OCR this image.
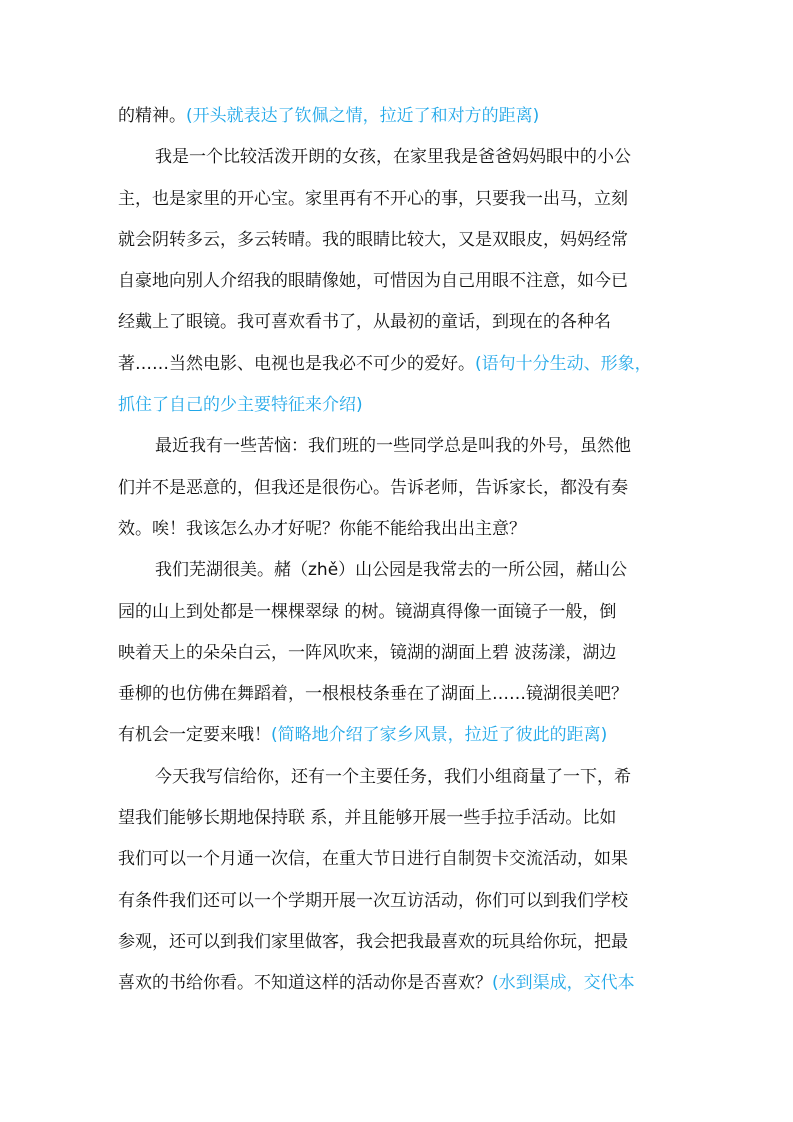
的精神。(开头就表达了钦佩之情，拉近了和对方的距离)
我是一个比较活泼开朗的女孩，在家里我是爸爸妈妈眼中的小公
主，也是家里的开心宝。家里再有不开心的事，只要我一出马，立刻
就会阴转多云，多云转晴。我的眼睛比较大，又是双眼皮，妈妈经常
自豪地向别人介绍我的眼睛像她，可惜因为自己用眼不注意，如今已
经戴上了眼镜。我可喜欢看书了，从最初的童话，到现在的各种名
著……当然电影、电视也是我必不可少的爱好。(语句十分生动、形象，
抓住了自己的少主要特征来介绍)
最近我有一些苦恼：我们班的一些同学总是叫我的外号，虽然他
们并不是恶意的，但我还是很伤心。告诉老师，告诉家长，都没有奏
效。唉！我该怎么办才好呢？你能不能给我出出主意？
我们芜湖很美。赭（zhě）山公园是我常去的一所公园，赭山公
园的山上到处都是一棵棵翠绿 的树。镜湖真得像一面镜子一般，倒
映着天上的朵朵白云，一阵风吹来，镜湖的湖面上碧 波荡漾，湖边
垂柳的也仿佛在舞蹈着，一根根枝条垂在了湖面上……镜湖很美吧？
有机会一定要来哦！(简略地介绍了家乡风景，拉近了彼此的距离)
今天我写信给你，还有一个主要任务，我们小组商量了一下，希
望我们能够长期地保持联 系，并且能够开展一些手拉手活动。比如
我们可以一个月通一次信，在重大节日进行自制贺卡交流活动，如果
有条件我们还可以一个学期开展一次互访活动，你们可以到我们学校
参观，还可以到我们家里做客，我会把我最喜欢的玩具给你玩，把最
喜欢的书给你看。不知道这样的活动你是否喜欢？(水到渠成，交代本
